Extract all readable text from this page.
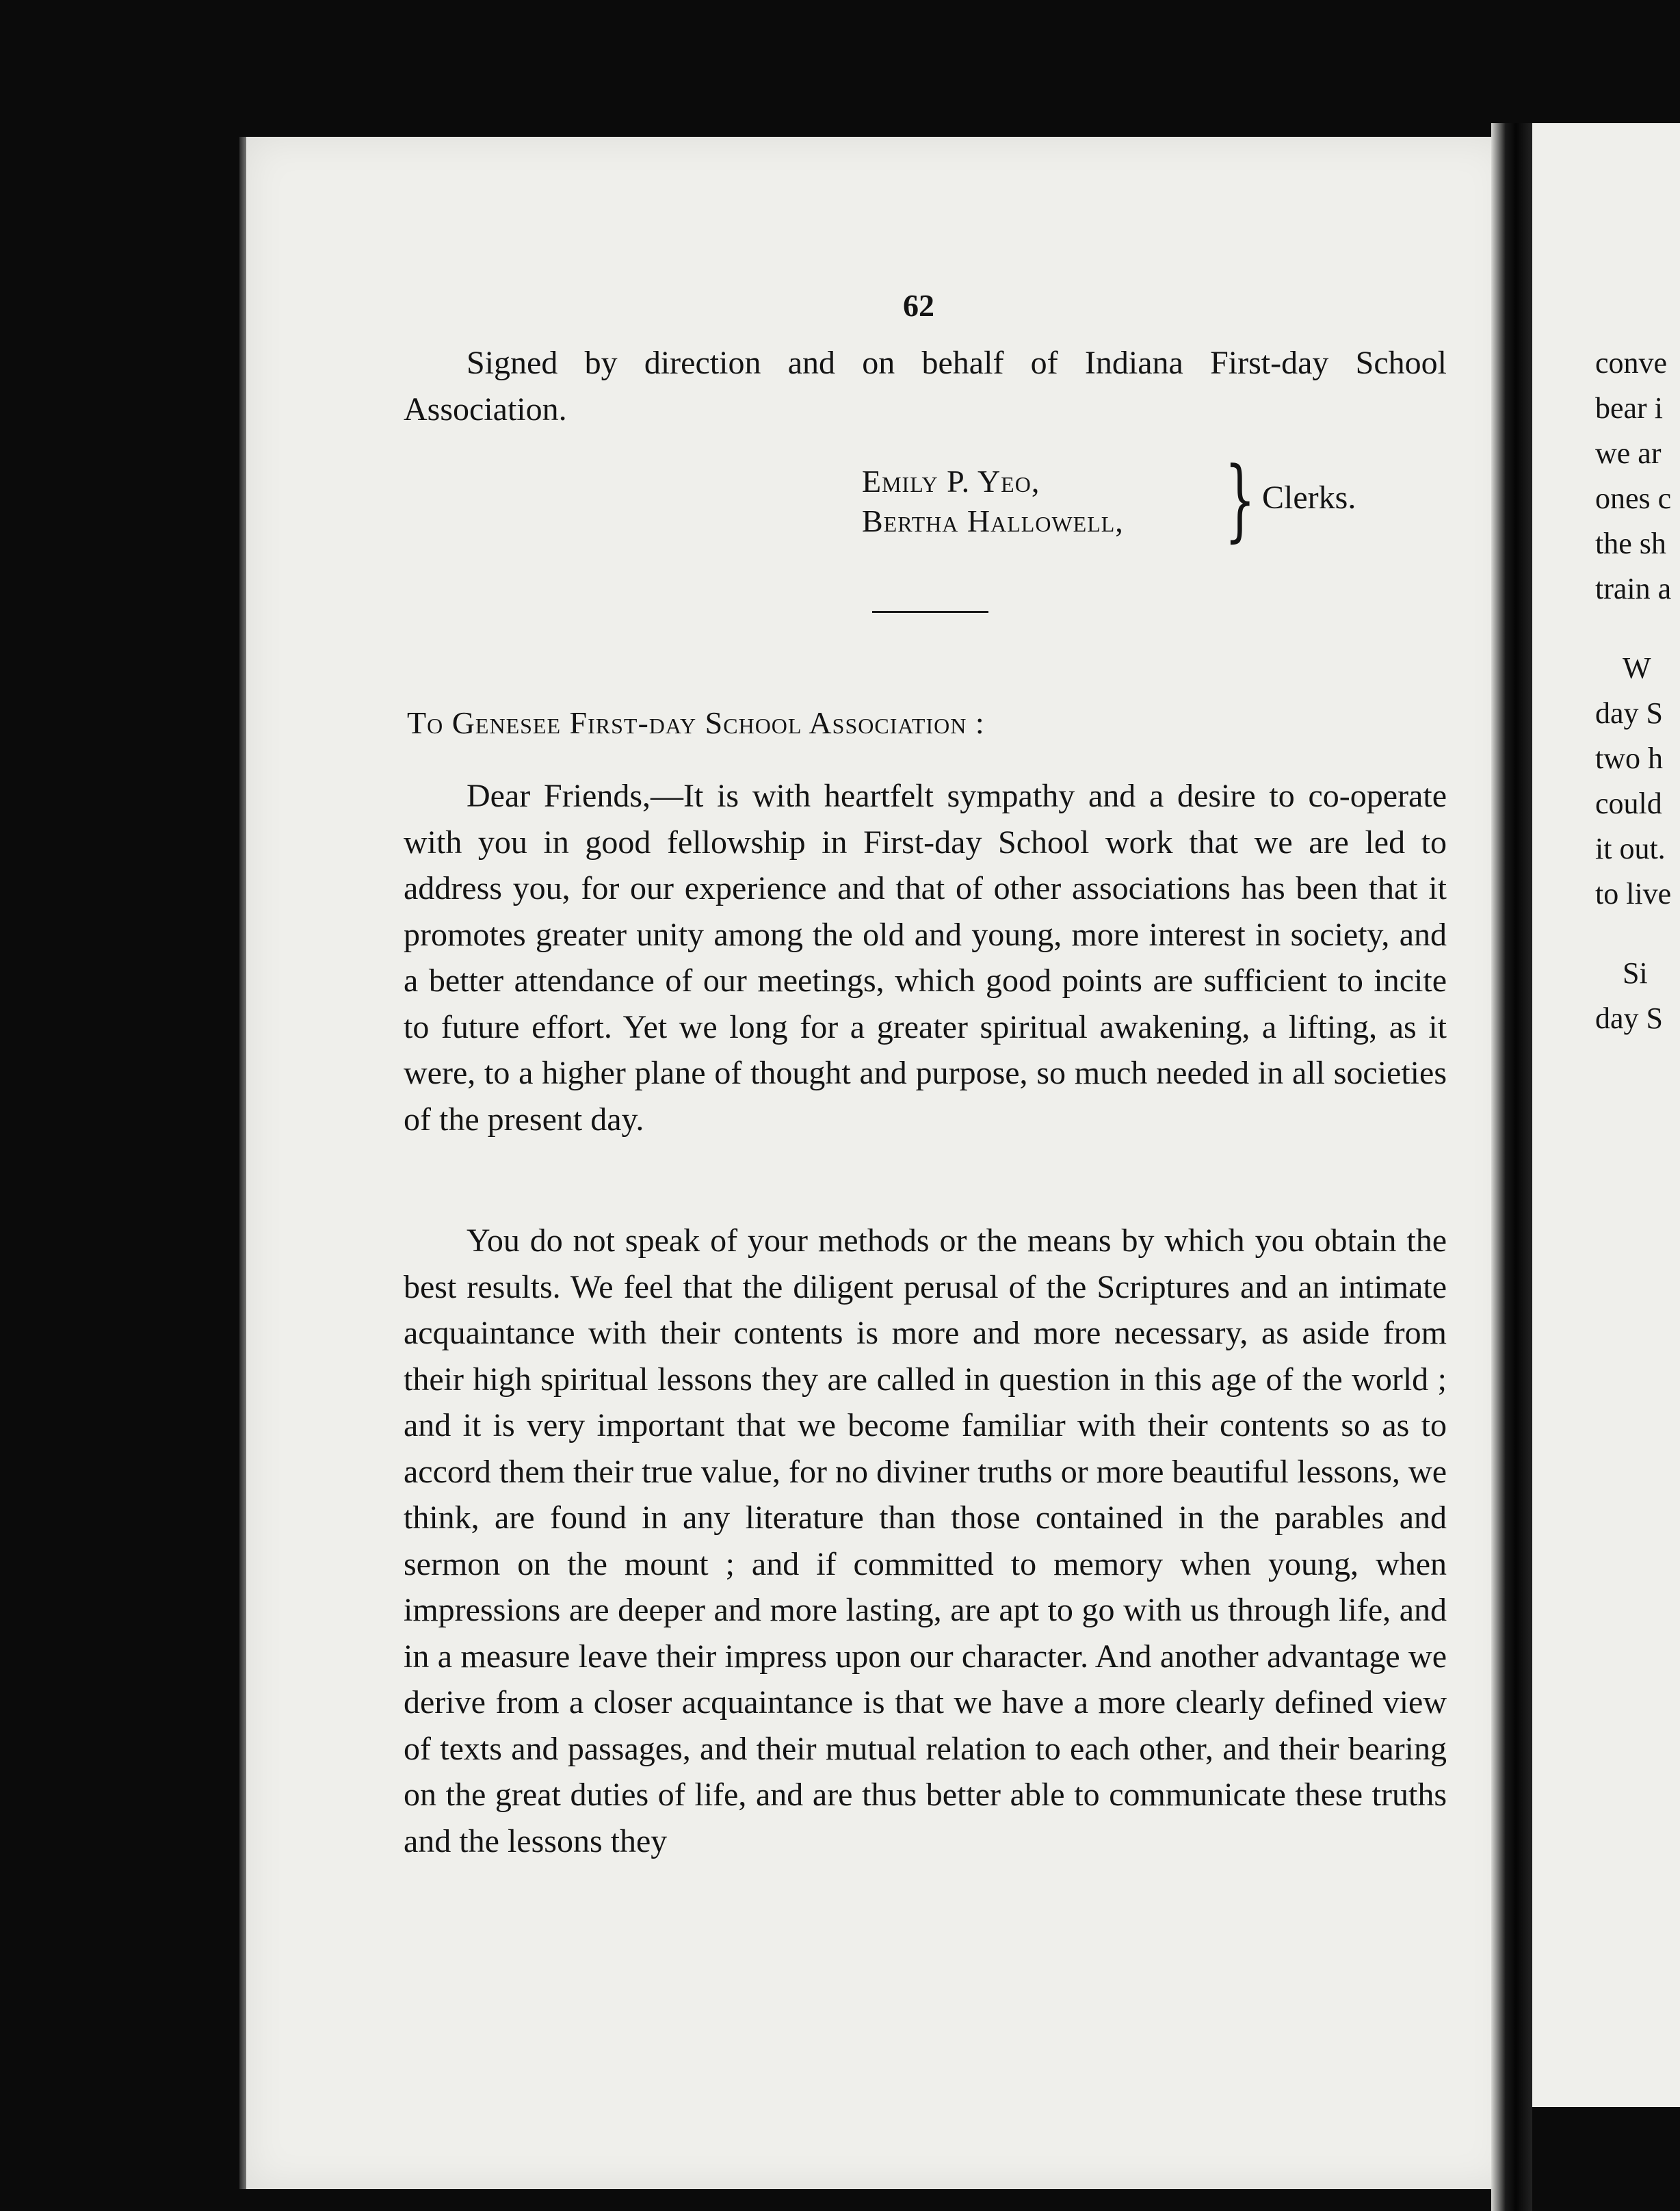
conve
bear i
we ar
ones c
the sh
train a
W
day S
two h
could
it out.
to live
Si
day S
62

Signed by direction and on behalf of Indiana First-day School Association.

Emily P. Yeo,
Bertha Hallowell, } Clerks.
To Genesee First-day School Association :

Dear Friends,—It is with heartfelt sympathy and a desire to co-operate with you in good fellowship in First-day School work that we are led to address you, for our experience and that of other associations has been that it promotes greater unity among the old and young, more interest in society, and a better attendance of our meetings, which good points are sufficient to incite to future effort. Yet we long for a greater spiritual awakening, a lifting, as it were, to a higher plane of thought and purpose, so much needed in all societies of the present day.

You do not speak of your methods or the means by which you obtain the best results. We feel that the diligent perusal of the Scriptures and an intimate acquaintance with their contents is more and more necessary, as aside from their high spiritual lessons they are called in question in this age of the world ; and it is very important that we become familiar with their contents so as to accord them their true value, for no diviner truths or more beautiful lessons, we think, are found in any literature than those contained in the parables and sermon on the mount ; and if committed to memory when young, when impressions are deeper and more lasting, are apt to go with us through life, and in a measure leave their impress upon our character. And another advantage we derive from a closer acquaintance is that we have a more clearly defined view of texts and passages, and their mutual relation to each other, and their bearing on the great duties of life, and are thus better able to communicate these truths and the lessons they
